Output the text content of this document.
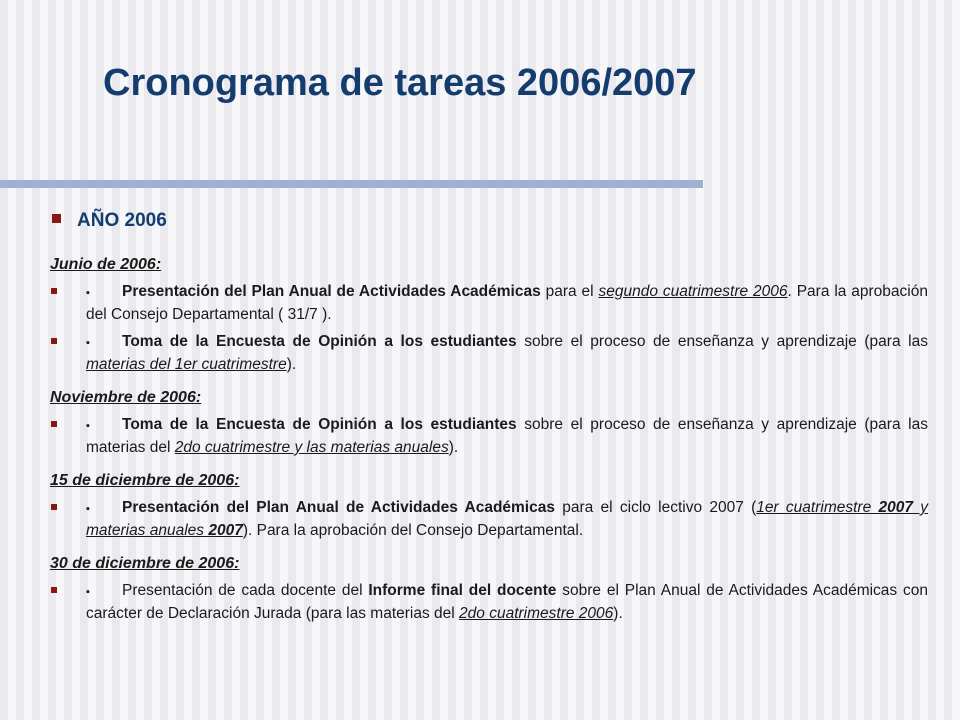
Cronograma de tareas 2006/2007
AÑO 2006
Junio de 2006:
▪ Presentación del Plan Anual de Actividades Académicas para el segundo cuatrimestre 2006. Para la aprobación del Consejo Departamental ( 31/7 ).
▪ Toma de la Encuesta de Opinión a los estudiantes sobre el proceso de enseñanza y aprendizaje (para las materias del 1er cuatrimestre).
Noviembre de 2006:
▪ Toma de la Encuesta de Opinión a los estudiantes sobre el proceso de enseñanza y aprendizaje (para las materias del 2do cuatrimestre y las materias anuales).
15 de diciembre de 2006:
▪ Presentación del Plan Anual de Actividades Académicas para el ciclo lectivo 2007 (1er cuatrimestre 2007 y materias anuales 2007). Para la aprobación del Consejo Departamental.
30 de diciembre de 2006:
▪ Presentación de cada docente del Informe final del docente sobre el Plan Anual de Actividades Académicas con carácter de Declaración Jurada (para las materias del 2do cuatrimestre 2006).
